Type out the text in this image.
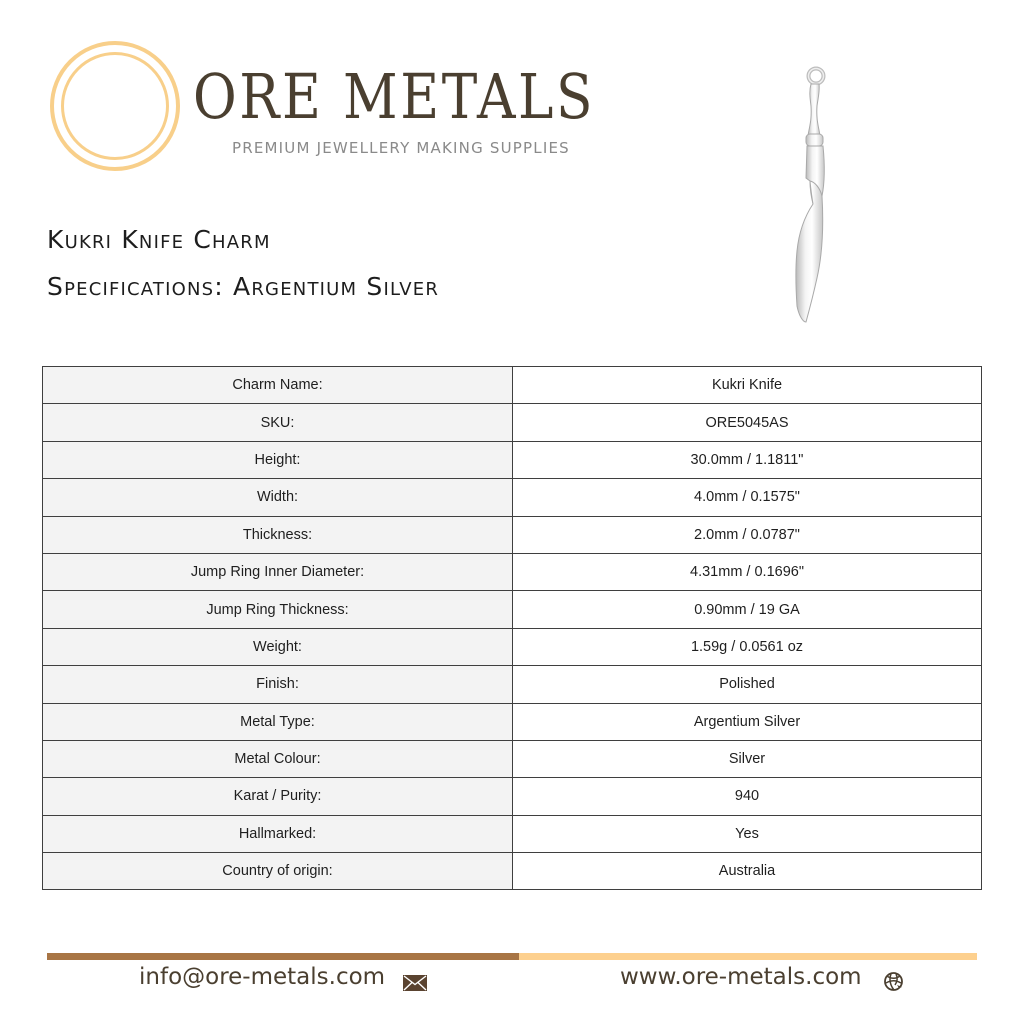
ORE METALS
PREMIUM JEWELLERY MAKING SUPPLIES
Kukri Knife Charm
Specifications: Argentium Silver
Charm Name:	Kukri Knife
SKU:	ORE5045AS
Height:	30.0mm / 1.1811"
Width:	4.0mm / 0.1575"
Thickness:	2.0mm / 0.0787"
Jump Ring Inner Diameter:	4.31mm / 0.1696"
Jump Ring Thickness:	0.90mm / 19 GA
Weight:	1.59g / 0.0561 oz
Finish:	Polished
Metal Type:	Argentium Silver
Metal Colour:	Silver
Karat / Purity:	940
Hallmarked:	Yes
Country of origin:	Australia
info@ore-metals.com	www.ore-metals.com
